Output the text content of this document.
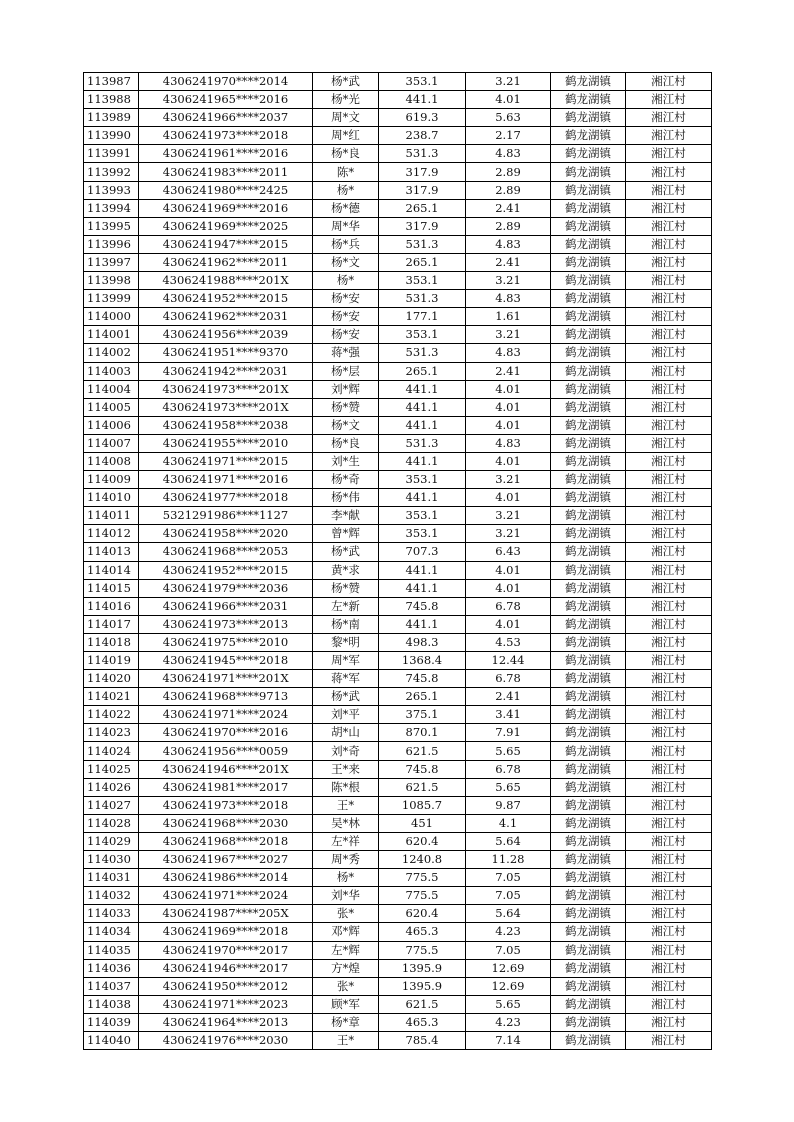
113987	4306241970****2014	杨*武	353.1	3.21	鹤龙湖镇	湘江村
113988	4306241965****2016	杨*光	441.1	4.01	鹤龙湖镇	湘江村
113989	4306241966****2037	周*文	619.3	5.63	鹤龙湖镇	湘江村
113990	4306241973****2018	周*红	238.7	2.17	鹤龙湖镇	湘江村
113991	4306241961****2016	杨*良	531.3	4.83	鹤龙湖镇	湘江村
113992	4306241983****2011	陈*	317.9	2.89	鹤龙湖镇	湘江村
113993	4306241980****2425	杨*	317.9	2.89	鹤龙湖镇	湘江村
113994	4306241969****2016	杨*德	265.1	2.41	鹤龙湖镇	湘江村
113995	4306241969****2025	周*华	317.9	2.89	鹤龙湖镇	湘江村
113996	4306241947****2015	杨*兵	531.3	4.83	鹤龙湖镇	湘江村
113997	4306241962****2011	杨*文	265.1	2.41	鹤龙湖镇	湘江村
113998	4306241988****201X	杨*	353.1	3.21	鹤龙湖镇	湘江村
113999	4306241952****2015	杨*安	531.3	4.83	鹤龙湖镇	湘江村
114000	4306241962****2031	杨*安	177.1	1.61	鹤龙湖镇	湘江村
114001	4306241956****2039	杨*安	353.1	3.21	鹤龙湖镇	湘江村
114002	4306241951****9370	蒋*强	531.3	4.83	鹤龙湖镇	湘江村
114003	4306241942****2031	杨*层	265.1	2.41	鹤龙湖镇	湘江村
114004	4306241973****201X	刘*辉	441.1	4.01	鹤龙湖镇	湘江村
114005	4306241973****201X	杨*赞	441.1	4.01	鹤龙湖镇	湘江村
114006	4306241958****2038	杨*文	441.1	4.01	鹤龙湖镇	湘江村
114007	4306241955****2010	杨*良	531.3	4.83	鹤龙湖镇	湘江村
114008	4306241971****2015	刘*生	441.1	4.01	鹤龙湖镇	湘江村
114009	4306241971****2016	杨*奇	353.1	3.21	鹤龙湖镇	湘江村
114010	4306241977****2018	杨*伟	441.1	4.01	鹤龙湖镇	湘江村
114011	5321291986****1127	李*献	353.1	3.21	鹤龙湖镇	湘江村
114012	4306241958****2020	曾*辉	353.1	3.21	鹤龙湖镇	湘江村
114013	4306241968****2053	杨*武	707.3	6.43	鹤龙湖镇	湘江村
114014	4306241952****2015	黄*求	441.1	4.01	鹤龙湖镇	湘江村
114015	4306241979****2036	杨*赞	441.1	4.01	鹤龙湖镇	湘江村
114016	4306241966****2031	左*新	745.8	6.78	鹤龙湖镇	湘江村
114017	4306241973****2013	杨*南	441.1	4.01	鹤龙湖镇	湘江村
114018	4306241975****2010	黎*明	498.3	4.53	鹤龙湖镇	湘江村
114019	4306241945****2018	周*军	1368.4	12.44	鹤龙湖镇	湘江村
114020	4306241971****201X	蒋*军	745.8	6.78	鹤龙湖镇	湘江村
114021	4306241968****9713	杨*武	265.1	2.41	鹤龙湖镇	湘江村
114022	4306241971****2024	刘*平	375.1	3.41	鹤龙湖镇	湘江村
114023	4306241970****2016	胡*山	870.1	7.91	鹤龙湖镇	湘江村
114024	4306241956****0059	刘*奇	621.5	5.65	鹤龙湖镇	湘江村
114025	4306241946****201X	王*来	745.8	6.78	鹤龙湖镇	湘江村
114026	4306241981****2017	陈*根	621.5	5.65	鹤龙湖镇	湘江村
114027	4306241973****2018	王*	1085.7	9.87	鹤龙湖镇	湘江村
114028	4306241968****2030	吴*林	451	4.1	鹤龙湖镇	湘江村
114029	4306241968****2018	左*祥	620.4	5.64	鹤龙湖镇	湘江村
114030	4306241967****2027	周*秀	1240.8	11.28	鹤龙湖镇	湘江村
114031	4306241986****2014	杨*	775.5	7.05	鹤龙湖镇	湘江村
114032	4306241971****2024	刘*华	775.5	7.05	鹤龙湖镇	湘江村
114033	4306241987****205X	张*	620.4	5.64	鹤龙湖镇	湘江村
114034	4306241969****2018	邓*辉	465.3	4.23	鹤龙湖镇	湘江村
114035	4306241970****2017	左*辉	775.5	7.05	鹤龙湖镇	湘江村
114036	4306241946****2017	方*煌	1395.9	12.69	鹤龙湖镇	湘江村
114037	4306241950****2012	张*	1395.9	12.69	鹤龙湖镇	湘江村
114038	4306241971****2023	顾*军	621.5	5.65	鹤龙湖镇	湘江村
114039	4306241964****2013	杨*章	465.3	4.23	鹤龙湖镇	湘江村
114040	4306241976****2030	王*	785.4	7.14	鹤龙湖镇	湘江村
